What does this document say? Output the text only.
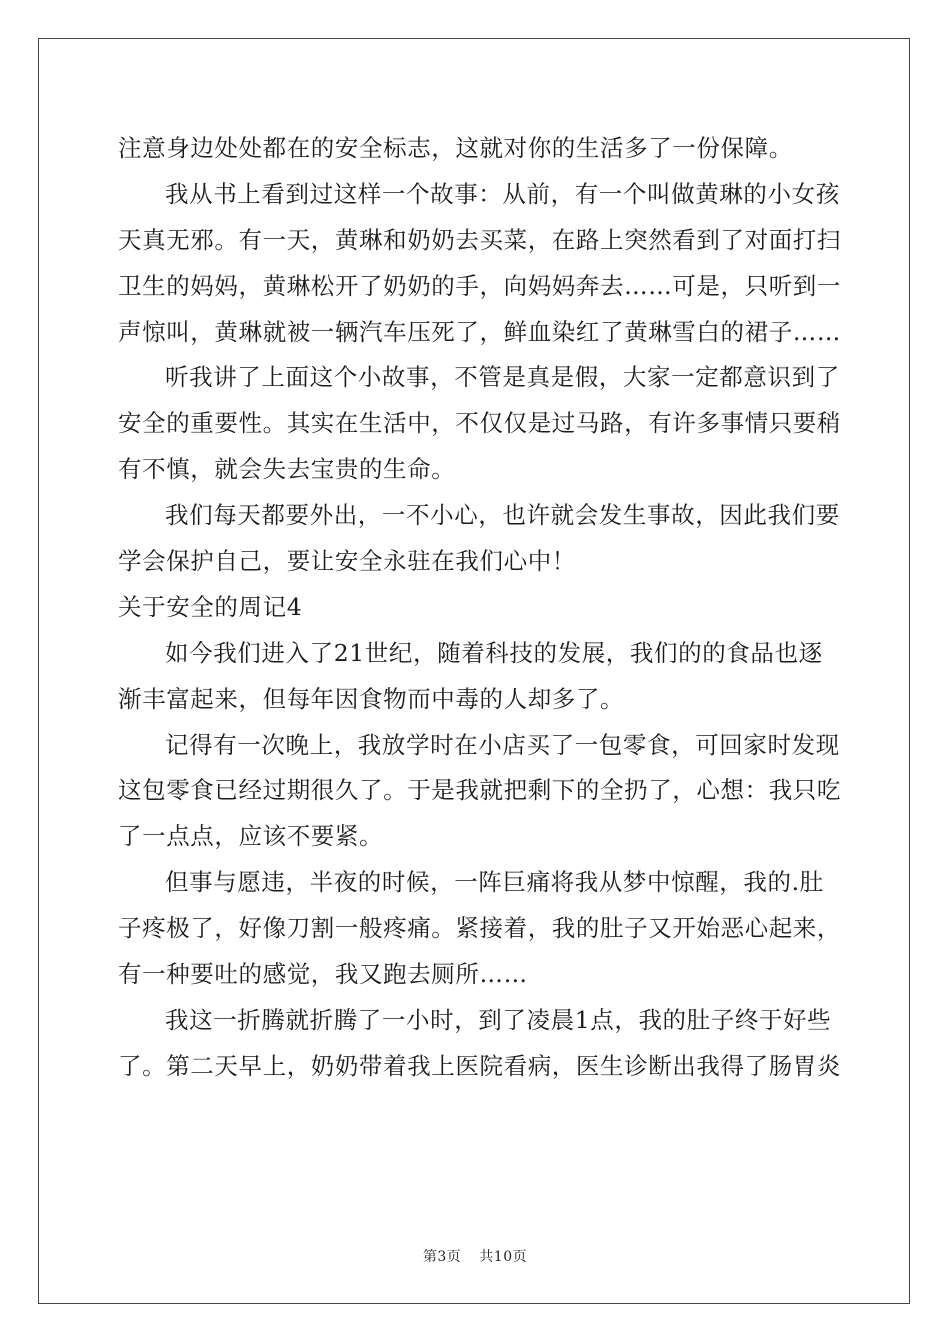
注意身边处处都在的安全标志，这就对你的生活多了一份保障。
我从书上看到过这样一个故事：从前，有一个叫做黄琳的小女孩
天真无邪。有一天，黄琳和奶奶去买菜，在路上突然看到了对面打扫
卫生的妈妈，黄琳松开了奶奶的手，向妈妈奔去……可是，只听到一
声惊叫，黄琳就被一辆汽车压死了，鲜血染红了黄琳雪白的裙子……
听我讲了上面这个小故事，不管是真是假，大家一定都意识到了
安全的重要性。其实在生活中，不仅仅是过马路，有许多事情只要稍
有不慎，就会失去宝贵的生命。
我们每天都要外出，一不小心，也许就会发生事故，因此我们要
学会保护自己，要让安全永驻在我们心中！
关于安全的周记4
如今我们进入了21世纪，随着科技的发展，我们的的食品也逐
渐丰富起来，但每年因食物而中毒的人却多了。
记得有一次晚上，我放学时在小店买了一包零食，可回家时发现
这包零食已经过期很久了。于是我就把剩下的全扔了，心想：我只吃
了一点点，应该不要紧。
但事与愿违，半夜的时候，一阵巨痛将我从梦中惊醒，我的.肚
子疼极了，好像刀割一般疼痛。紧接着，我的肚子又开始恶心起来，
有一种要吐的感觉，我又跑去厕所……
我这一折腾就折腾了一小时，到了凌晨1点，我的肚子终于好些
了。第二天早上，奶奶带着我上医院看病，医生诊断出我得了肠胃炎
第3页 共10页
